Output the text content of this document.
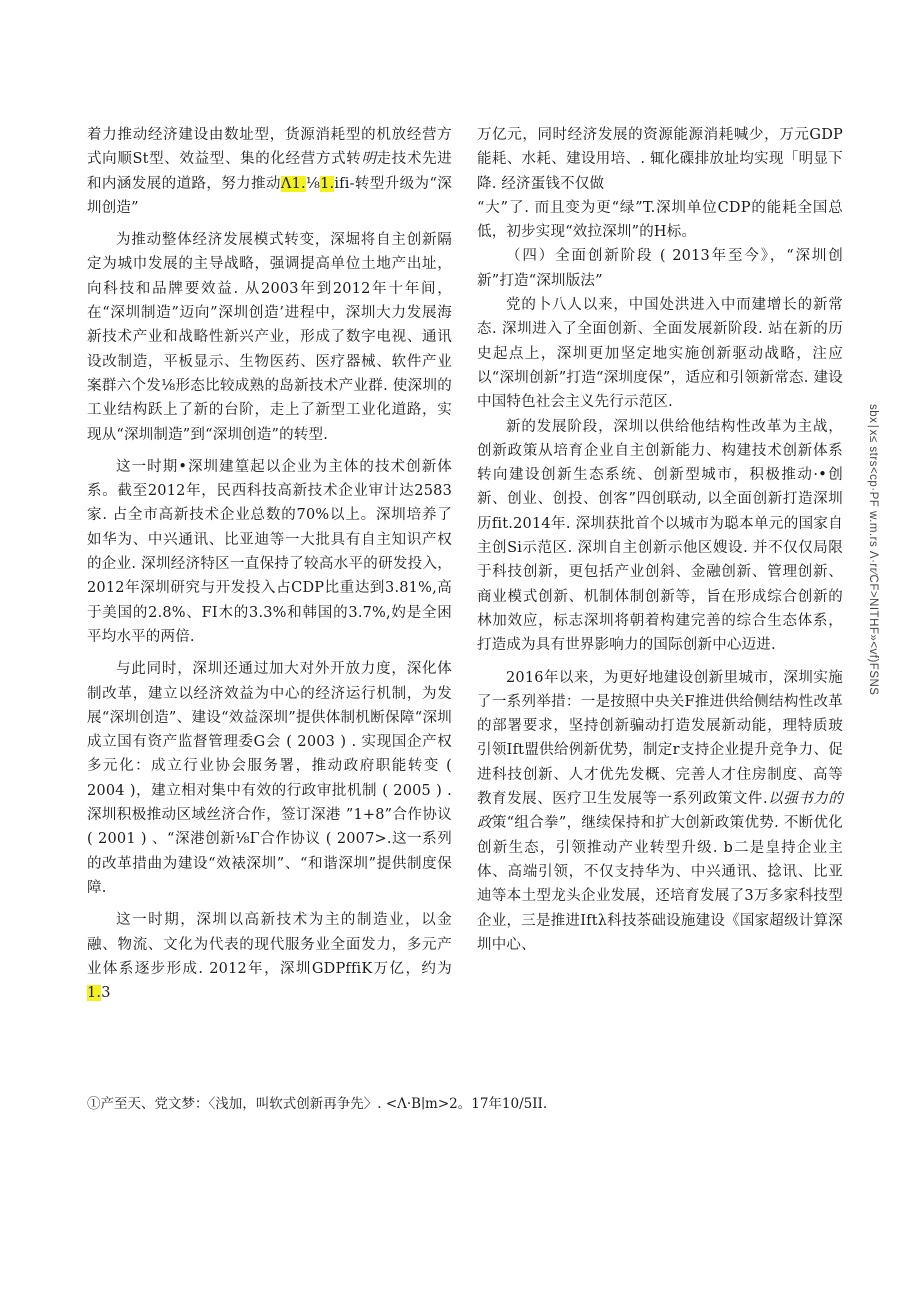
着力推动经济建设由数址型，货源消耗型的机放经营方式向顺St型、效益型、集的化经营方式转明走技术先进和内涵发展的道路，努力推动Λ1.⅛1.ifi-转型升级为“深圳创造”

为推动整体经济发展模式转变，深堀将自主创新隔定为城巾发展的主导战略，强调提高单位土地产出址，向科技和品牌要效益. 从2003年到2012年十年间，在“深圳制造”迈向”深圳创造’进程中，深圳大力发展海新技术产业和战略性新兴产业，形成了数字电视、通讯设改制造，平板显示、生物医药、医疗器械、软件产业案群六个发⅛形态比较成熟的岛新技术产业群. 使深圳的工业结构跃上了新的台阶，走上了新型工业化道路，实现从“深圳制造”到“深圳创造”的转型.

这一时期•深圳建篁起以企业为主体的技术创新体系。截至2012年，民西科技高新技术企业审计达2583家. 占全市高新技术企业总数的70%以上。深圳培养了如华为、中兴通讯、比亚迪等一大批具有自主知识产权的企业. 深圳经济特区一直保持了较高水平的研发投入，2012年深圳研究与开发投入占CDP比重达到3.81%,高于美国的2.8%、FI木的3.3%和韩国的3.7%,妁是全困平均水平的两倍.

与此同时，深圳还通过加大对外开放力度，深化体制改革，建立以经济效益为中心的经济运行机制，为发展“深圳创造”、建设“效益深圳”提供体制机断保障“深圳成立国有资产监督管理委G会 ( 2003 ) . 实现国企产权多元化：成立行业协会服务署，推动政府职能转变 ( 2004 )，建立相对集中有效的行政审批机制 ( 2005 ) . 深圳积极推动区域丝济合作，签订深港 ”1+8”合作协议 ( 2001 ) 、“深港创新⅛Γ合作协议 ( 2007>.这一系列的改革措曲为建设“效裱深圳”、“和谐深圳”提供制度保障.

这一时期，深圳以高新技术为主的制造业，以金融、物流、文化为代表的现代服务业全面发力，多元产业体系逐步形成. 2012年，深圳GDPffiK万亿，约为1.3

万亿元，同时经济发展的资源能源消耗喊少，万元GDP能耗、水耗、建设用培、. 辄化磲排放址均实现「明显下降. 经济蛋钱不仅做

“大”了. 而且变为更“绿”T.深圳单位CDP的能耗全国总低，初步实现“效拉深圳”的H标。

（四）全面创新阶段 ( 2013年至今》，“深圳创新”打造“深圳版法”

党的卜八人以来，中国处洪进入中而建增长的新常态. 深圳进入了全面创新、全面发展新阶段. 站在新的历史起点上，深圳更加坚定地实施创新驱动战略，注应以“深圳创新”打造“深圳度保”，适应和引领新常态. 建设中国特色社会主义先行示范区.

新的发展阶段，深圳以供给他结构性改革为主战，创新政策从培育企业自主创新能力、构建技术创新体系转向建设创新生态系统、创新型城市，积极推动·•创新、创业、创投、创客”四创联动, 以全面创新打造深圳历fit.2014年. 深圳获批首个以城市为聪本单元的国家自主创Si示范区. 深圳自主创新示他区嫂设. 并不仅仅局限于科技创新，更包括产业创斜、金融创新、管理创新、商业模式创新、机制体制创新等，旨在形成综合创新的林加效应，标志深圳将朝着构建完善的综合生态体系，打造成为具有世界影响力的国际创新中心迈进.

2016年以来，为更好地建设创新里城市，深圳实施了一系列举措：一是按照中央关F推进供给侧结构性改革的部署要求，坚持创新骗动打造发展新动能，理特质玻引领Ift盟供给例新优势，制定r支持企业提升竞争力、促进科技创新、人才优先发概、完善人才住房制度、高等教育发展、医疗卫生发展等一系列政策文件.以强书力的政策“组合拳”，继续保持和扩大创新政策优势. 不断优化创新生态，引领推动产业转型升级. b二是皇持企业主体、高端引领，不仅支持华为、中兴通讯、捻讯、比亚迪等本土型龙头企业发展，还培育发展了3万多家科技型企业，三是推进Iftλ科技茶础设施建设《国家超级计算深圳中心、

①产至天、党文梦：〈浅加，叫软式创新再争先〉. <Λ·B∣m>2。17年10/5II.

sbx∣x≤ strs<cp·PF w.m.rs Λ·rr∕CF>NITHF»<vf)FSNS
